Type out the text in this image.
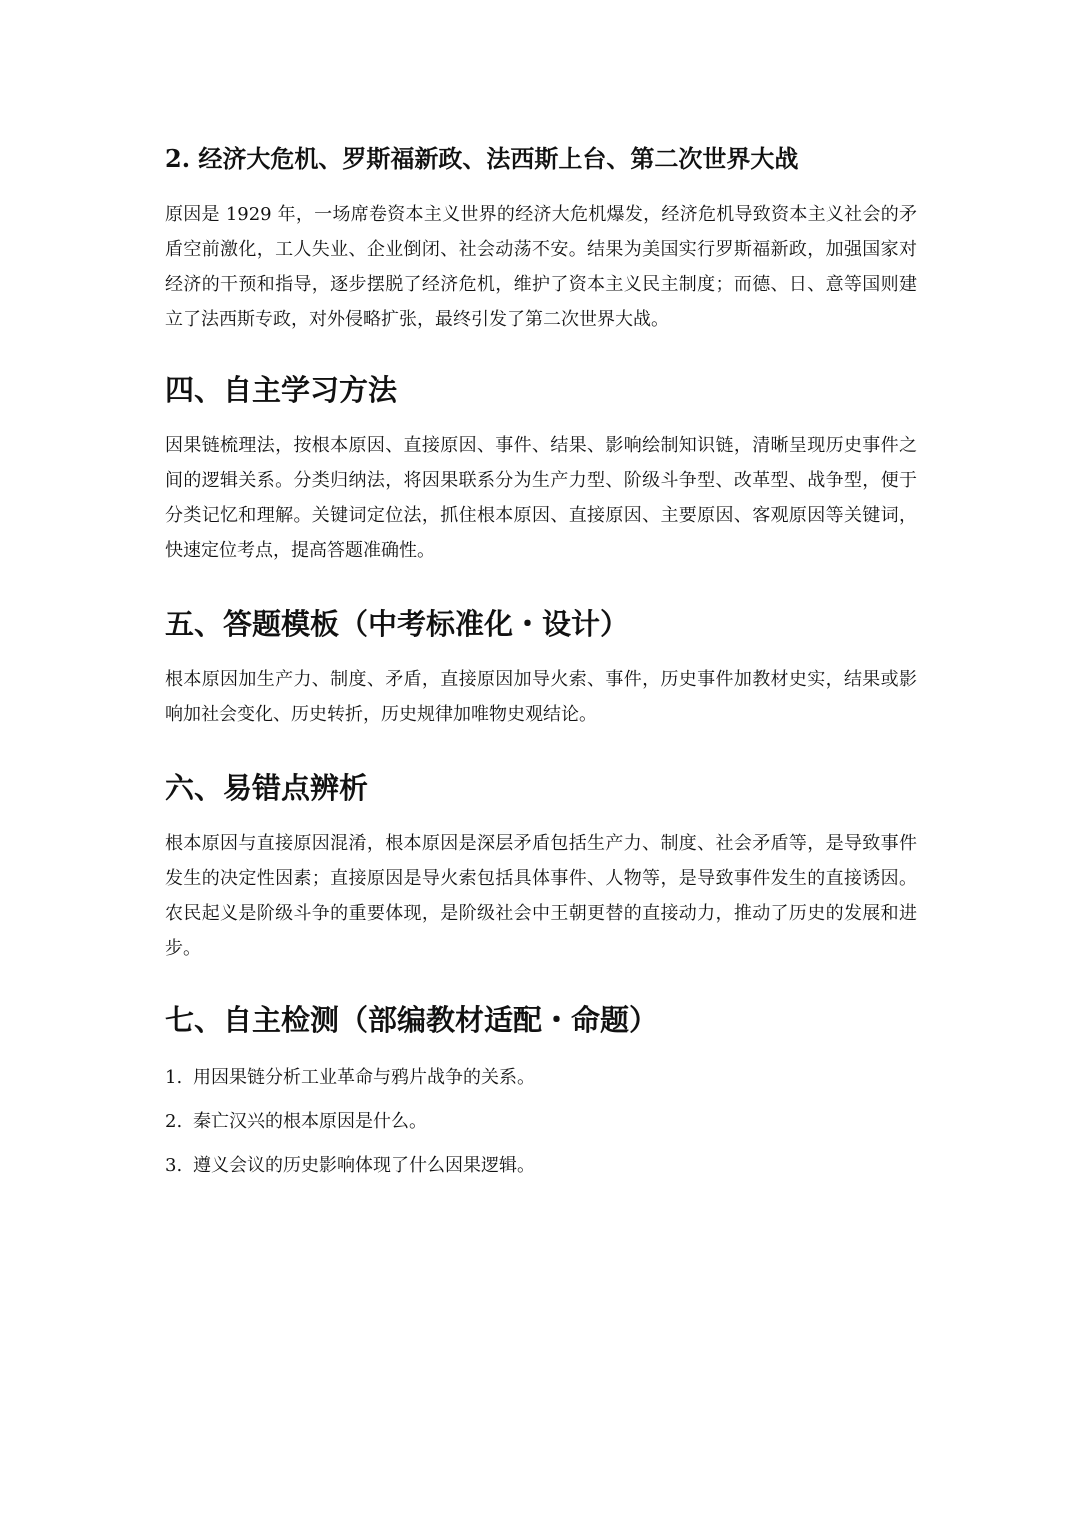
2. 经济大危机、罗斯福新政、法西斯上台、第二次世界大战

原因是 1929 年，一场席卷资本主义世界的经济大危机爆发，经济危机导致资本主义社会的矛盾空前激化，工人失业、企业倒闭、社会动荡不安。结果为美国实行罗斯福新政，加强国家对经济的干预和指导，逐步摆脱了经济危机，维护了资本主义民主制度；而德、日、意等国则建立了法西斯专政，对外侵略扩张，最终引发了第二次世界大战。

四、自主学习方法

因果链梳理法，按根本原因、直接原因、事件、结果、影响绘制知识链，清晰呈现历史事件之间的逻辑关系。分类归纳法，将因果联系分为生产力型、阶级斗争型、改革型、战争型，便于分类记忆和理解。关键词定位法，抓住根本原因、直接原因、主要原因、客观原因等关键词，快速定位考点，提高答题准确性。

五、答题模板（中考标准化・设计）

根本原因加生产力、制度、矛盾，直接原因加导火索、事件，历史事件加教材史实，结果或影响加社会变化、历史转折，历史规律加唯物史观结论。

六、易错点辨析

根本原因与直接原因混淆，根本原因是深层矛盾包括生产力、制度、社会矛盾等，是导致事件发生的决定性因素；直接原因是导火索包括具体事件、人物等，是导致事件发生的直接诱因。农民起义是阶级斗争的重要体现，是阶级社会中王朝更替的直接动力，推动了历史的发展和进步。

七、自主检测（部编教材适配・命题）
1. 用因果链分析工业革命与鸦片战争的关系。
2. 秦亡汉兴的根本原因是什么。
3. 遵义会议的历史影响体现了什么因果逻辑。
